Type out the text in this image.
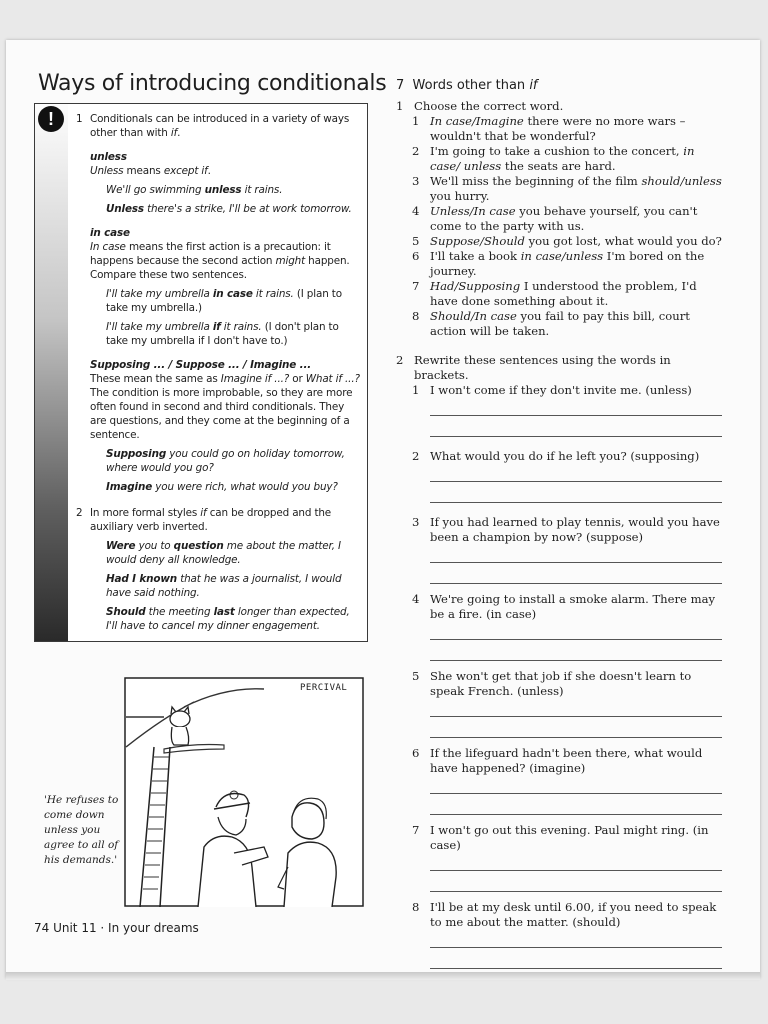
Ways of introducing conditionals
!	1 Conditionals can be introduced in a variety of ways other than with if.

unless

Unless means except if.

We'll go swimming unless it rains.

Unless there's a strike, I'll be at work tomorrow.

in case

In case means the first action is a precaution: it happens because the second action might happen. Compare these two sentences.

I'll take my umbrella in case it rains. (I plan to take my umbrella.)

I'll take my umbrella if it rains. (I don't plan to take my umbrella if I don't have to.)

Supposing ... / Suppose ... / Imagine ...

These mean the same as Imagine if ...? or What if ...? The condition is more improbable, so they are more often found in second and third conditionals. They are questions, and they come at the beginning of a sentence.

Supposing you could go on holiday tomorrow, where would you go?

Imagine you were rich, what would you buy?

2 In more formal styles if can be dropped and the auxiliary verb inverted.

Were you to question me about the matter, I would deny all knowledge.

Had I known that he was a journalist, I would have said nothing.

Should the meeting last longer than expected, I'll have to cancel my dinner engagement.

PERCIVAL
'He refuses to come down unless you agree to all of his demands.'
74 Unit 11 · In your dreams
7 Words other than if
1 Choose the correct word.
1 In case/Imagine there were no more wars – wouldn't that be wonderful?
2 I'm going to take a cushion to the concert, in case/ unless the seats are hard.
3 We'll miss the beginning of the film should/unless you hurry.
4 Unless/In case you behave yourself, you can't come to the party with us.
5 Suppose/Should you got lost, what would you do?
6 I'll take a book in case/unless I'm bored on the journey.
7 Had/Supposing I understood the problem, I'd have done something about it.
8 Should/In case you fail to pay this bill, court action will be taken.
2 Rewrite these sentences using the words in brackets.
1 I won't come if they don't invite me. (unless)
2 What would you do if he left you? (supposing)
3 If you had learned to play tennis, would you have been a champion by now? (suppose)
4 We're going to install a smoke alarm. There may be a fire. (in case)
5 She won't get that job if she doesn't learn to speak French. (unless)
6 If the lifeguard hadn't been there, what would have happened? (imagine)
7 I won't go out this evening. Paul might ring. (in case)
8 I'll be at my desk until 6.00, if you need to speak to me about the matter. (should)
